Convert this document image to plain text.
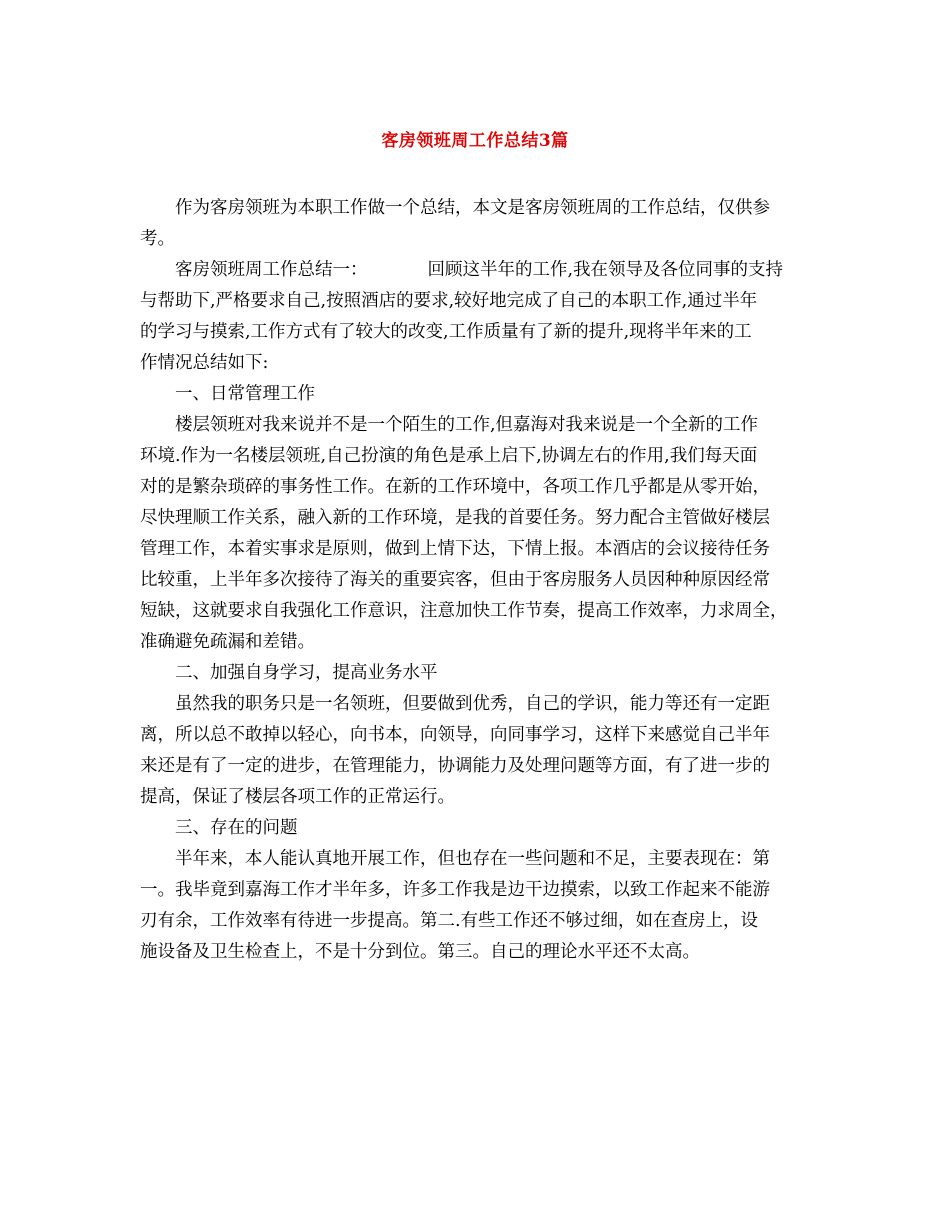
客房领班周工作总结3篇
作为客房领班为本职工作做一个总结，本文是客房领班周的工作总结，仅供参
考。
客房领班周工作总结一：	回顾这半年的工作,我在领导及各位同事的支持
与帮助下,严格要求自己,按照酒店的要求,较好地完成了自己的本职工作,通过半年
的学习与摸索,工作方式有了较大的改变,工作质量有了新的提升,现将半年来的工
作情况总结如下:
一、日常管理工作
楼层领班对我来说并不是一个陌生的工作,但嘉海对我来说是一个全新的工作
环境.作为一名楼层领班,自己扮演的角色是承上启下,协调左右的作用,我们每天面
对的是繁杂琐碎的事务性工作。在新的工作环境中，各项工作几乎都是从零开始，
尽快理顺工作关系，融入新的工作环境，是我的首要任务。努力配合主管做好楼层
管理工作，本着实事求是原则，做到上情下达，下情上报。本酒店的会议接待任务
比较重，上半年多次接待了海关的重要宾客，但由于客房服务人员因种种原因经常
短缺，这就要求自我强化工作意识，注意加快工作节奏，提高工作效率，力求周全，
准确避免疏漏和差错。
二、加强自身学习，提高业务水平
虽然我的职务只是一名领班，但要做到优秀，自己的学识，能力等还有一定距
离，所以总不敢掉以轻心，向书本，向领导，向同事学习，这样下来感觉自己半年
来还是有了一定的进步，在管理能力，协调能力及处理问题等方面，有了进一步的
提高，保证了楼层各项工作的正常运行。
三、存在的问题
半年来，本人能认真地开展工作，但也存在一些问题和不足，主要表现在：第
一。我毕竟到嘉海工作才半年多，许多工作我是边干边摸索，以致工作起来不能游
刃有余，工作效率有待进一步提高。第二.有些工作还不够过细，如在查房上，设
施设备及卫生检查上，不是十分到位。第三。自己的理论水平还不太高。
